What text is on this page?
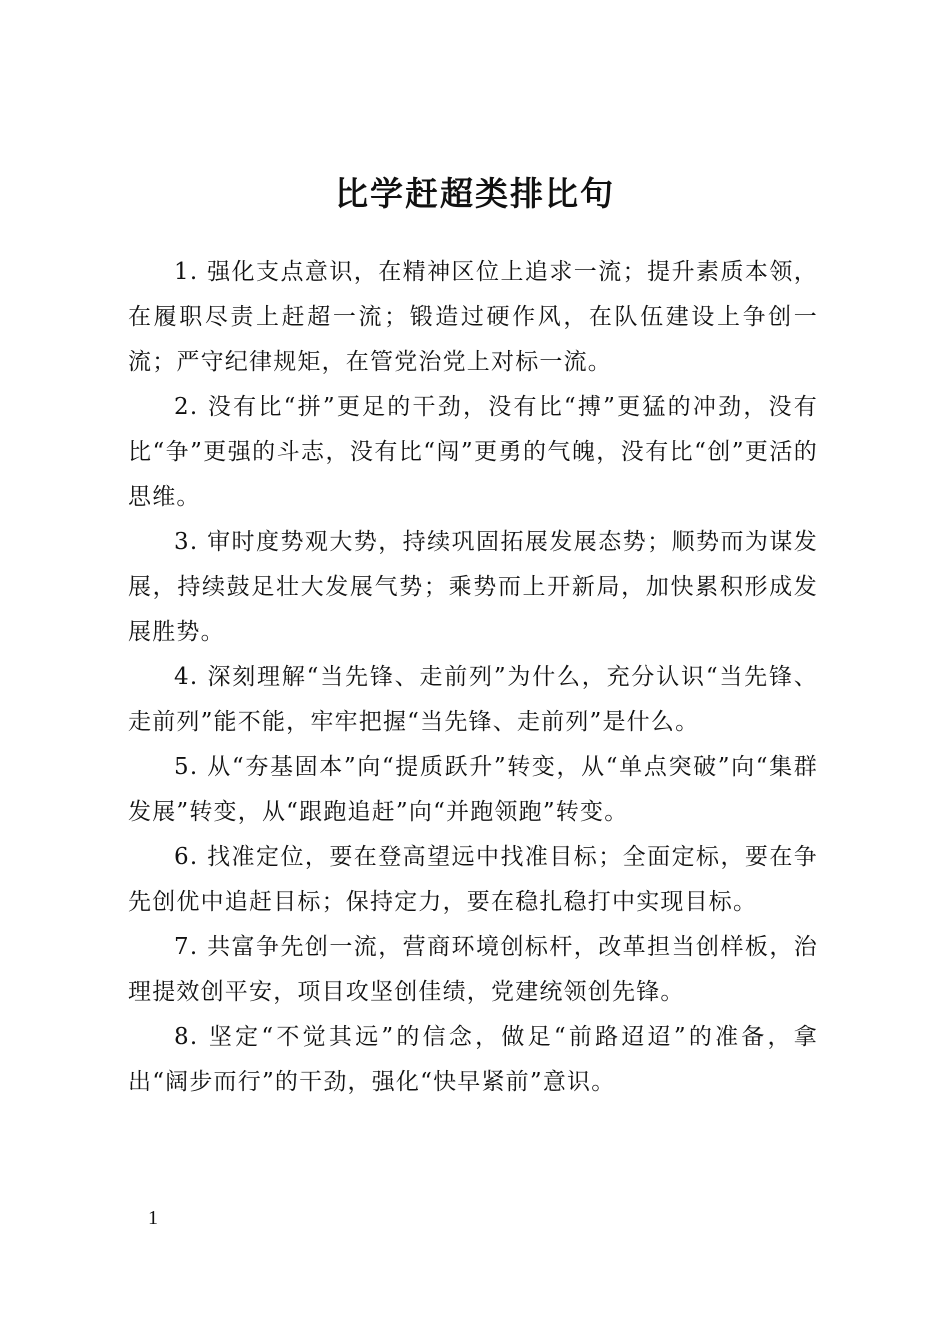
比学赶超类排比句

1. 强化支点意识，在精神区位上追求一流；提升素质本领，在履职尽责上赶超一流；锻造过硬作风，在队伍建设上争创一流；严守纪律规矩，在管党治党上对标一流。

2. 没有比“拼”更足的干劲，没有比“搏”更猛的冲劲，没有比“争”更强的斗志，没有比“闯”更勇的气魄，没有比“创”更活的思维。

3. 审时度势观大势，持续巩固拓展发展态势；顺势而为谋发展，持续鼓足壮大发展气势；乘势而上开新局，加快累积形成发展胜势。

4. 深刻理解“当先锋、走前列”为什么，充分认识“当先锋、走前列”能不能，牢牢把握“当先锋、走前列”是什么。

5. 从“夯基固本”向“提质跃升”转变，从“单点突破”向“集群发展”转变，从“跟跑追赶”向“并跑领跑”转变。

6. 找准定位，要在登高望远中找准目标；全面定标，要在争先创优中追赶目标；保持定力，要在稳扎稳打中实现目标。

7. 共富争先创一流，营商环境创标杆，改革担当创样板，治理提效创平安，项目攻坚创佳绩，党建统领创先锋。

8. 坚定“不觉其远”的信念，做足“前路迢迢”的准备，拿出“阔步而行”的干劲，强化“快早紧前”意识。

1
